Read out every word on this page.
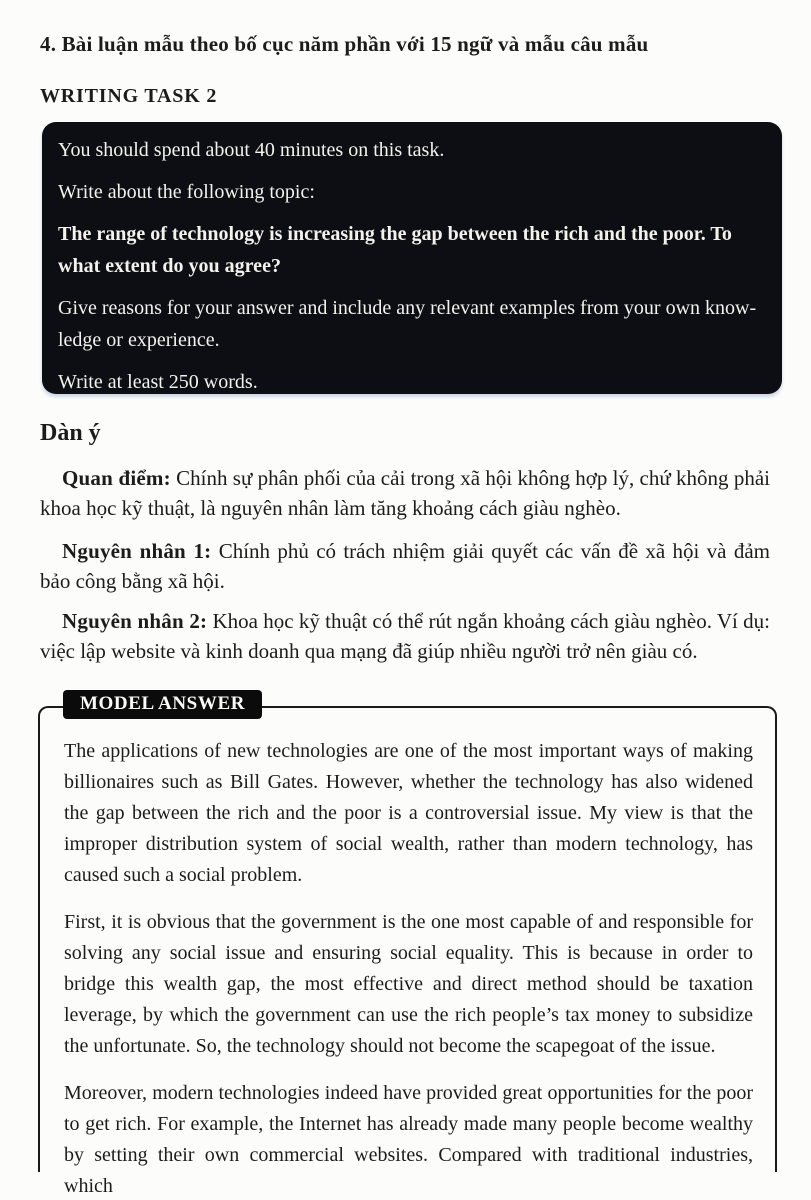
4. Bài luận mẫu theo bố cục năm phần với 15 ngữ và mẫu câu mẫu
WRITING TASK 2

You should spend about 40 minutes on this task.

Write about the following topic:

The range of technology is increasing the gap between the rich and the poor. To what extent do you agree?

Give reasons for your answer and include any relevant examples from your own know-ledge or experience.

Write at least 250 words.

Dàn ý

Quan điểm: Chính sự phân phối của cải trong xã hội không hợp lý, chứ không phải khoa học kỹ thuật, là nguyên nhân làm tăng khoảng cách giàu nghèo.

Nguyên nhân 1: Chính phủ có trách nhiệm giải quyết các vấn đề xã hội và đảm bảo công bằng xã hội.

Nguyên nhân 2: Khoa học kỹ thuật có thể rút ngắn khoảng cách giàu nghèo. Ví dụ: việc lập website và kinh doanh qua mạng đã giúp nhiều người trở nên giàu có.

The applications of new technologies are one of the most important ways of making billionaires such as Bill Gates. However, whether the technology has also widened the gap between the rich and the poor is a controversial issue. My view is that the improper distribution system of social wealth, rather than modern technology, has caused such a social problem.

First, it is obvious that the government is the one most capable of and responsible for solving any social issue and ensuring social equality. This is because in order to bridge this wealth gap, the most effective and direct method should be taxation leverage, by which the government can use the rich people’s tax money to subsidize the unfortunate. So, the technology should not become the scapegoat of the issue.

Moreover, modern technologies indeed have provided great opportunities for the poor to get rich. For example, the Internet has already made many people become wealthy by setting their own commercial websites. Compared with traditional industries, which

MODEL ANSWER
